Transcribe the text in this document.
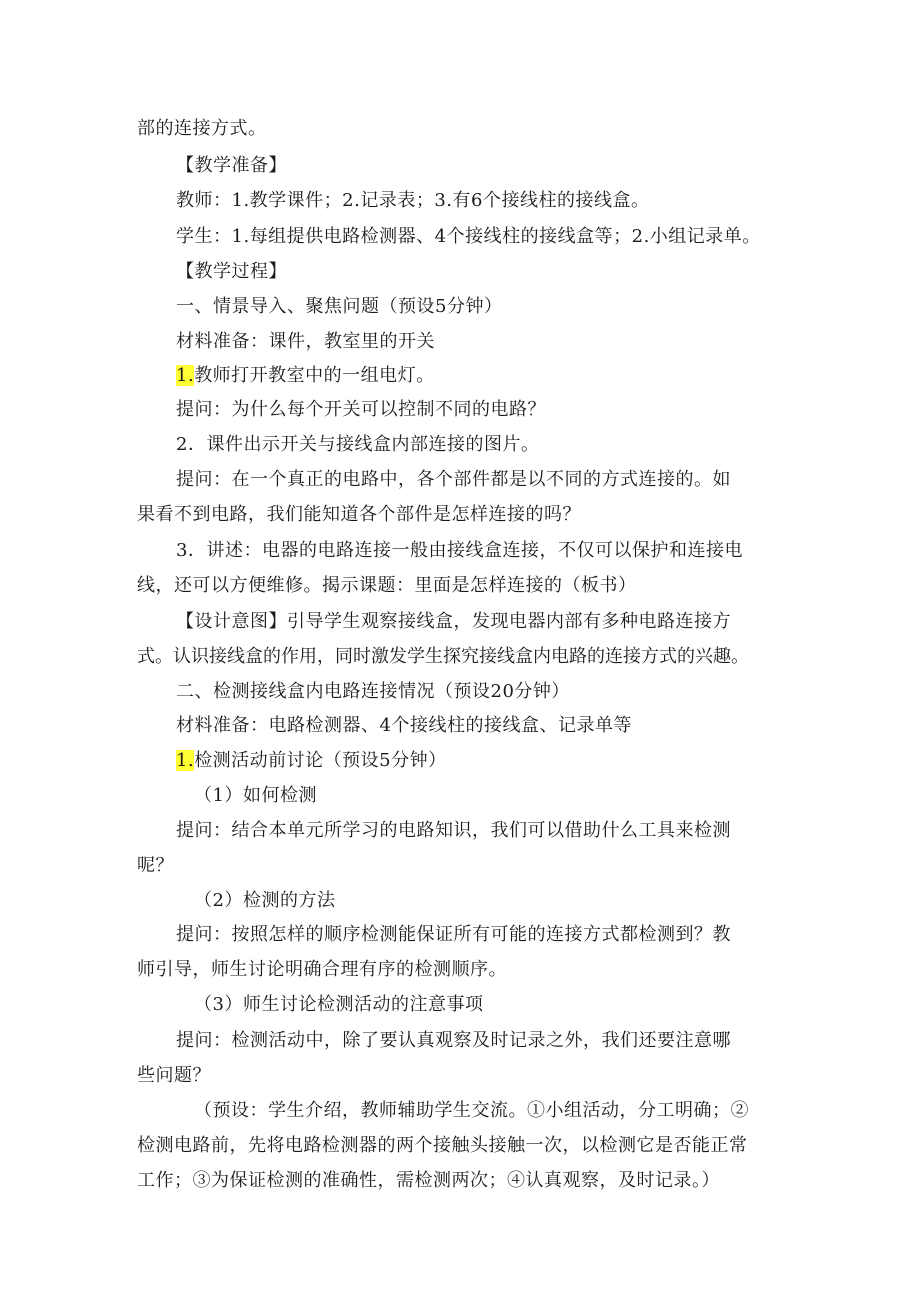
部的连接方式。
【教学准备】
教师：1.教学课件；2.记录表；3.有6个接线柱的接线盒。
学生：1.每组提供电路检测器、4个接线柱的接线盒等；2.小组记录单。
【教学过程】
一、情景导入、聚焦问题（预设5分钟）
材料准备：课件，教室里的开关
1.教师打开教室中的一组电灯。
提问：为什么每个开关可以控制不同的电路？
2．课件出示开关与接线盒内部连接的图片。
提问：在一个真正的电路中，各个部件都是以不同的方式连接的。如
果看不到电路，我们能知道各个部件是怎样连接的吗？
3．讲述：电器的电路连接一般由接线盒连接，不仅可以保护和连接电
线，还可以方便维修。揭示课题：里面是怎样连接的（板书）
【设计意图】引导学生观察接线盒，发现电器内部有多种电路连接方
式。认识接线盒的作用，同时激发学生探究接线盒内电路的连接方式的兴趣。
二、检测接线盒内电路连接情况（预设20分钟）
材料准备：电路检测器、4个接线柱的接线盒、记录单等
1.检测活动前讨论（预设5分钟）
（1）如何检测
提问：结合本单元所学习的电路知识，我们可以借助什么工具来检测
呢？
（2）检测的方法
提问：按照怎样的顺序检测能保证所有可能的连接方式都检测到？教
师引导，师生讨论明确合理有序的检测顺序。
（3）师生讨论检测活动的注意事项
提问：检测活动中，除了要认真观察及时记录之外，我们还要注意哪
些问题？
（预设：学生介绍，教师辅助学生交流。①小组活动，分工明确；②
检测电路前，先将电路检测器的两个接触头接触一次，以检测它是否能正常
工作；③为保证检测的准确性，需检测两次；④认真观察，及时记录。）
